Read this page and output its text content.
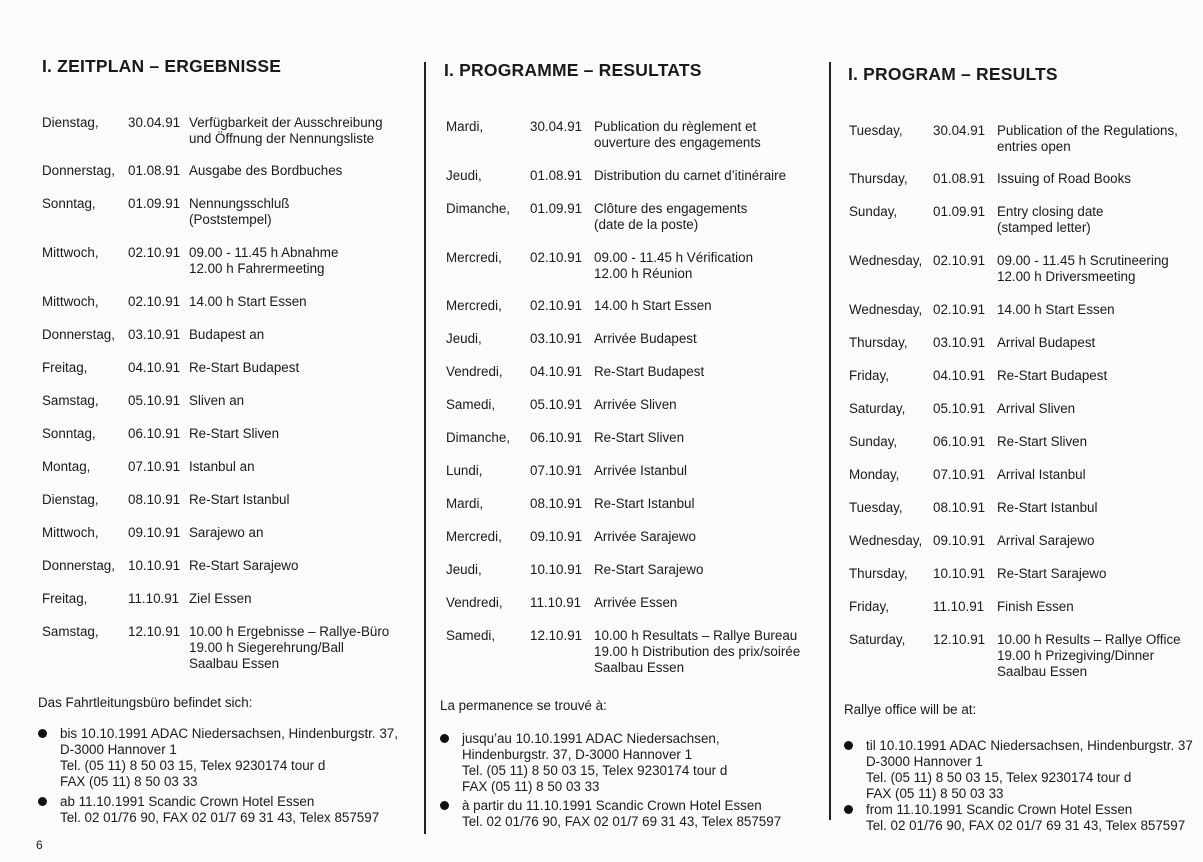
I. ZEITPLAN – ERGEBNISSE
Dienstag, 30.04.91 Verfügbarkeit der Ausschreibung
und Öffnung der Nennungsliste
Donnerstag, 01.08.91 Ausgabe des Bordbuches
Sonntag, 01.09.91 Nennungsschluß
(Poststempel)
Mittwoch, 02.10.91 09.00 - 11.45 h Abnahme
12.00 h Fahrermeeting
Mittwoch, 02.10.91 14.00 h Start Essen
Donnerstag, 03.10.91 Budapest an
Freitag,	04.10.91 Re-Start Budapest
Samstag, 05.10.91 Sliven an
Sonntag, 06.10.91 Re-Start Sliven
Montag,	07.10.91 Istanbul an
Dienstag, 08.10.91 Re-Start Istanbul
Mittwoch, 09.10.91 Sarajewo an
Donnerstag, 10.10.91 Re-Start Sarajewo
Freitag,	11.10.91 Ziel Essen
Samstag, 12.10.91 10.00 h Ergebnisse – Rallye-Büro
19.00 h Siegerehrung/Ball
Saalbau Essen
Das Fahrtleitungsbüro befindet sich:
bis 10.10.1991 ADAC Niedersachsen, Hindenburgstr. 37,
D-3000 Hannover 1
Tel. (05 11) 8 50 03 15, Telex 9230174 tour d
FAX (05 11) 8 50 03 33
ab 11.10.1991 Scandic Crown Hotel Essen
Tel. 02 01/76 90, FAX 02 01/7 69 31 43, Telex 857597
I. PROGRAMME – RESULTATS
Mardi,	30.04.91 Publication du règlement et
ouverture des engagements
Jeudi,	01.08.91 Distribution du carnet d’itinéraire
Dimanche, 01.09.91 Clôture des engagements
(date de la poste)
Mercredi, 02.10.91 09.00 - 11.45 h Vérification
12.00 h Réunion
Mercredi, 02.10.91 14.00 h Start Essen
Jeudi,	03.10.91 Arrivée Budapest
Vendredi, 04.10.91 Re-Start Budapest
Samedi,	05.10.91 Arrivée Sliven
Dimanche, 06.10.91 Re-Start Sliven
Lundi,	07.10.91 Arrivée Istanbul
Mardi,	08.10.91 Re-Start Istanbul
Mercredi, 09.10.91 Arrivée Sarajewo
Jeudi,	10.10.91 Re-Start Sarajewo
Vendredi, 11.10.91 Arrivée Essen
Samedi,	12.10.91 10.00 h Resultats – Rallye Bureau
19.00 h Distribution des prix/soirée
Saalbau Essen
La permanence se trouvé à:
jusqu’au 10.10.1991 ADAC Niedersachsen,
Hindenburgstr. 37, D-3000 Hannover 1
Tel. (05 11) 8 50 03 15, Telex 9230174 tour d
FAX (05 11) 8 50 03 33
à partir du 11.10.1991 Scandic Crown Hotel Essen
Tel. 02 01/76 90, FAX 02 01/7 69 31 43, Telex 857597
I. PROGRAM – RESULTS
Tuesday, 30.04.91 Publication of the Regulations,
entries open
Thursday, 01.08.91 Issuing of Road Books
Sunday,	01.09.91 Entry closing date
(stamped letter)
Wednesday, 02.10.91 09.00 - 11.45 h Scrutineering
12.00 h Driversmeeting
Wednesday, 02.10.91 14.00 h Start Essen
Thursday, 03.10.91 Arrival Budapest
Friday,	04.10.91 Re-Start Budapest
Saturday, 05.10.91 Arrival Sliven
Sunday,	06.10.91 Re-Start Sliven
Monday,	07.10.91 Arrival Istanbul
Tuesday, 08.10.91 Re-Start Istanbul
Wednesday, 09.10.91 Arrival Sarajewo
Thursday, 10.10.91 Re-Start Sarajewo
Friday,	11.10.91 Finish Essen
Saturday, 12.10.91 10.00 h Results – Rallye Office
19.00 h Prizegiving/Dinner
Saalbau Essen
Rallye office will be at:
til 10.10.1991 ADAC Niedersachsen, Hindenburgstr. 37
D-3000 Hannover 1
Tel. (05 11) 8 50 03 15, Telex 9230174 tour d
FAX (05 11) 8 50 03 33
from 11.10.1991 Scandic Crown Hotel Essen
Tel. 02 01/76 90, FAX 02 01/7 69 31 43, Telex 857597
6
